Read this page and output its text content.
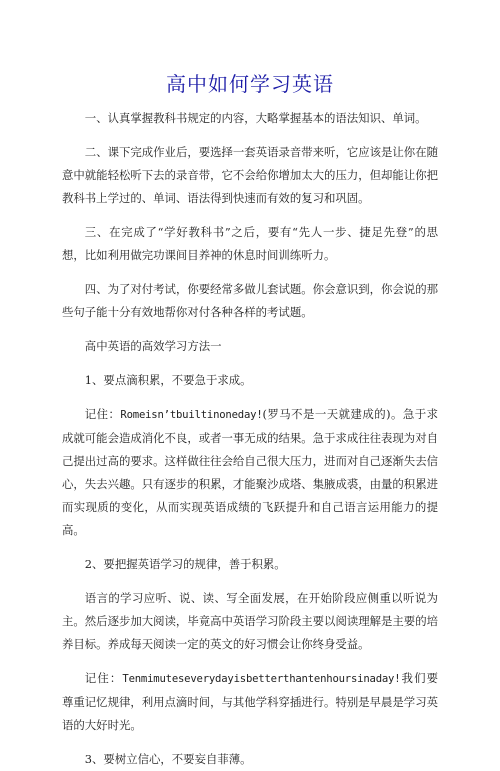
高中如何学习英语

一、认真掌握教科书规定的内容，大略掌握基本的语法知识、单词。

二、课下完成作业后，要选择一套英语录音带来听，它应该是让你在随意中就能轻松听下去的录音带，它不会给你增加太大的压力，但却能让你把教科书上学过的、单词、语法得到快速而有效的复习和巩固。

三、在完成了“学好教科书”之后，要有“先人一步、捷足先登”的思想，比如利用做完功课间目养神的休息时间训练听力。

四、为了对付考试，你要经常多做儿套试题。你会意识到，你会说的那些句子能十分有效地帮你对付各种各样的考试题。

高中英语的高效学习方法一

1、要点滴积累，不要急于求成。

记住：Romeisn’tbuiltinoneday!(罗马不是一天就建成的)。急于求成就可能会造成消化不良，或者一事无成的结果。急于求成往往表现为对自己提出过高的要求。这样做往往会给自己很大压力，进而对自己逐渐失去信心，失去兴趣。只有逐步的积累，才能聚沙成塔、集腋成裘，由量的积累进而实现质的变化，从而实现英语成绩的飞跃提升和自己语言运用能力的提高。

2、要把握英语学习的规律，善于积累。

语言的学习应听、说、读、写全面发展，在开始阶段应侧重以听说为主。然后逐步加大阅读，毕竟高中英语学习阶段主要以阅读理解是主要的培养目标。养成每天阅读一定的英文的好习惯会让你终身受益。

记住：Tenmimuteseverydayisbetterthantenhoursinaday!我们要尊重记忆规律，利用点滴时间，与其他学科穿插进行。特别是早晨是学习英语的大好时光。

3、要树立信心，不要妄自菲薄。
